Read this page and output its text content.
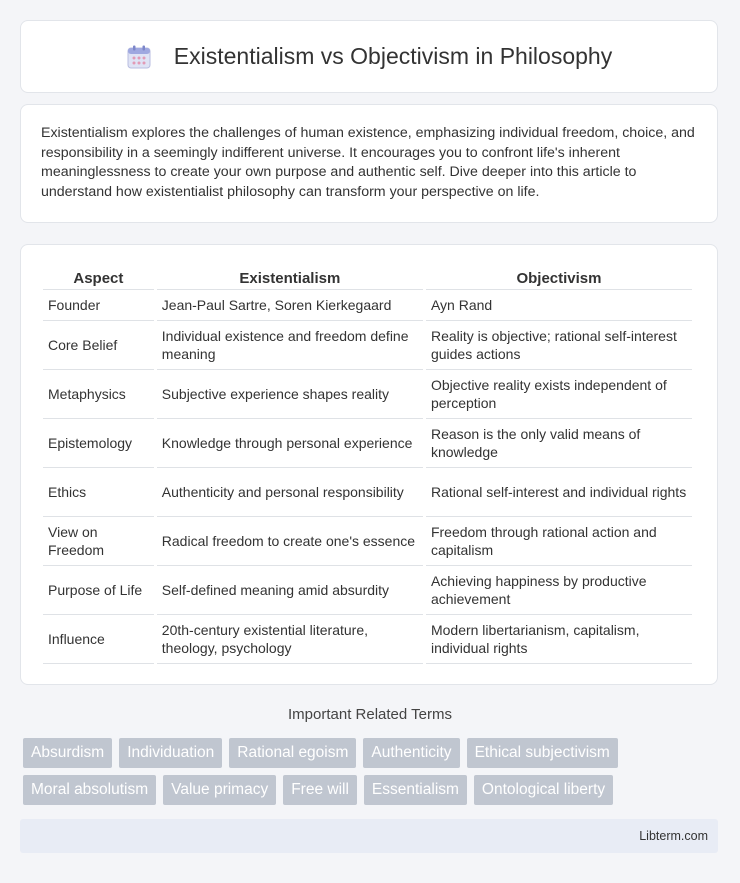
Existentialism vs Objectivism in Philosophy
Existentialism explores the challenges of human existence, emphasizing individual freedom, choice, and responsibility in a seemingly indifferent universe. It encourages you to confront life's inherent meaninglessness to create your own purpose and authentic self. Dive deeper into this article to understand how existentialist philosophy can transform your perspective on life.
Aspect	Existentialism	Objectivism
Founder	Jean-Paul Sartre, Soren Kierkegaard	Ayn Rand
Core Belief	Individual existence and freedom define meaning	Reality is objective; rational self-interest guides actions
Metaphysics	Subjective experience shapes reality	Objective reality exists independent of perception
Epistemology	Knowledge through personal experience	Reason is the only valid means of knowledge
Ethics	Authenticity and personal responsibility	Rational self-interest and individual rights
View on Freedom	Radical freedom to create one's essence	Freedom through rational action and capitalism
Purpose of Life	Self-defined meaning amid absurdity	Achieving happiness by productive achievement
Influence	20th-century existential literature, theology, psychology	Modern libertarianism, capitalism, individual rights
Important Related Terms
Absurdism	Individuation	Rational egoism	Authenticity	Ethical subjectivism
Moral absolutism	Value primacy	Free will	Essentialism	Ontological liberty
Libterm.com
